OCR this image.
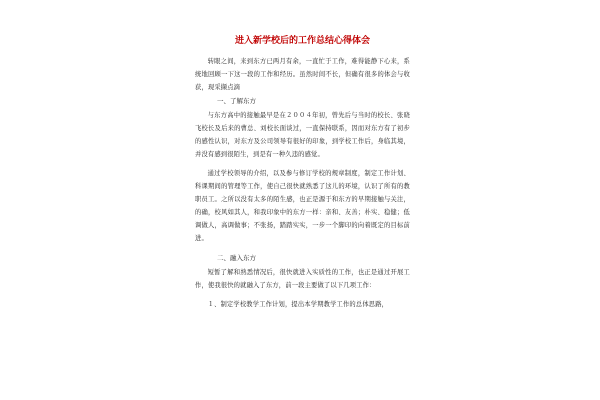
进入新学校后的工作总结心得体会

转眼之间，来到东方已两月有余，一直忙于工作，难得能静下心来，系统地回顾一下这一段的工作和经历。虽然时间不长，但确有很多的体会与收获，现采撷点滴

一、了解东方

与东方高中的接触最早是在２００４年初，曾先后与当时的校长、张晓飞校长及后来的曹总、刘校长面谈过，一直保持联系，因而对东方有了初步的感性认识，对东方及公司领导有很好的印象，到学校工作后，身临其境，并没有感到很陌生，到是有一种久违的感觉。

通过学校领导的介绍，以及参与修订学校的规章制度，制定工作计划、科课期间的管理等工作，使自己很快就熟悉了这儿的环境，认识了所有的教职员工。之所以没有太多的陌生感，也正是源于和东方的早期接触与关注，的确，校风如其人，和我印象中的东方一样：亲和、友善；朴实、稳健；低调做人，高调做事；不张扬，踏踏实实，一步一个脚印的向着既定的目标前进。

二、融入东方

短暂了解和熟悉情况后，很快就进入实质性的工作，也正是通过开展工作，使我很快的就融入了东方，前一段主要做了以下几项工作：

１、制定学校教学工作计划，提出本学期教学工作的总体思路，
